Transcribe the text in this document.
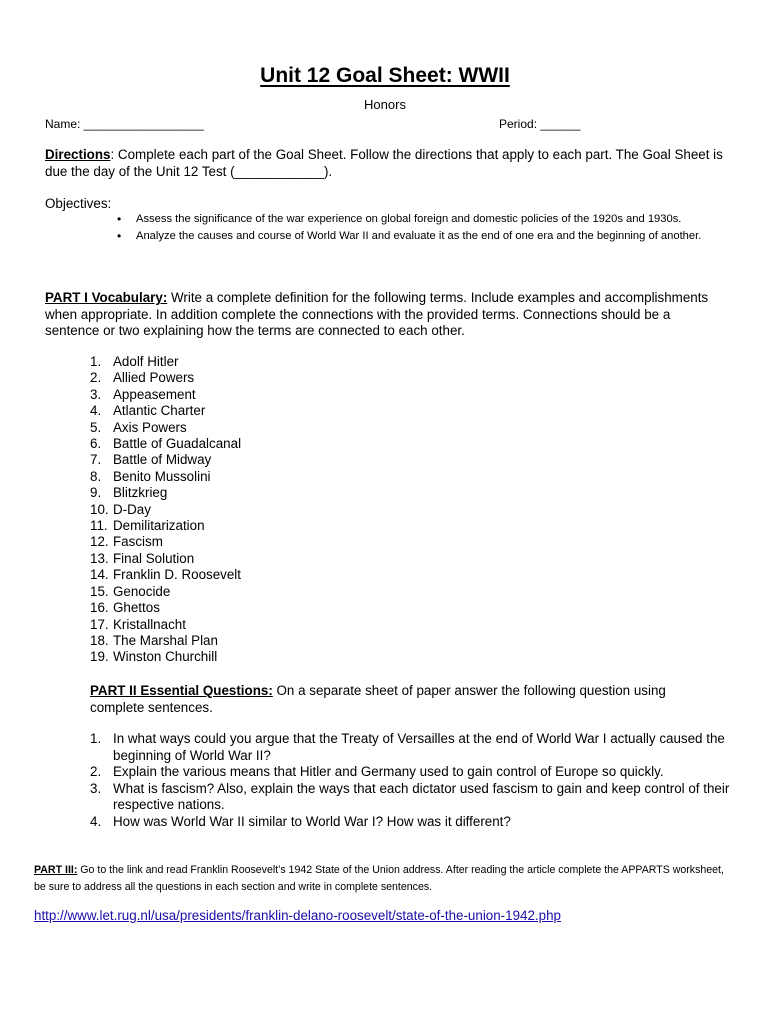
Unit 12 Goal Sheet: WWII
Honors
Name: __________________	Period: ______
Directions: Complete each part of the Goal Sheet. Follow the directions that apply to each part. The Goal Sheet is due the day of the Unit 12 Test (____________).
Objectives:
• Assess the significance of the war experience on global foreign and domestic policies of the 1920s and 1930s.
• Analyze the causes and course of World War II and evaluate it as the end of one era and the beginning of another.
PART I Vocabulary: Write a complete definition for the following terms. Include examples and accomplishments when appropriate. In addition complete the connections with the provided terms. Connections should be a sentence or two explaining how the terms are connected to each other.
1. Adolf Hitler
2. Allied Powers
3. Appeasement
4. Atlantic Charter
5. Axis Powers
6. Battle of Guadalcanal
7. Battle of Midway
8. Benito Mussolini
9. Blitzkrieg
10. D-Day
11. Demilitarization
12. Fascism
13. Final Solution
14. Franklin D. Roosevelt
15. Genocide
16. Ghettos
17. Kristallnacht
18. The Marshal Plan
19. Winston Churchill
PART II Essential Questions: On a separate sheet of paper answer the following question using complete sentences.
1. In what ways could you argue that the Treaty of Versailles at the end of World War I actually caused the beginning of World War II?
2. Explain the various means that Hitler and Germany used to gain control of Europe so quickly.
3. What is fascism? Also, explain the ways that each dictator used fascism to gain and keep control of their respective nations.
4. How was World War II similar to World War I? How was it different?
PART III: Go to the link and read Franklin Roosevelt’s 1942 State of the Union address. After reading the article complete the APPARTS worksheet, be sure to address all the questions in each section and write in complete sentences.
http://www.let.rug.nl/usa/presidents/franklin-delano-roosevelt/state-of-the-union-1942.php
